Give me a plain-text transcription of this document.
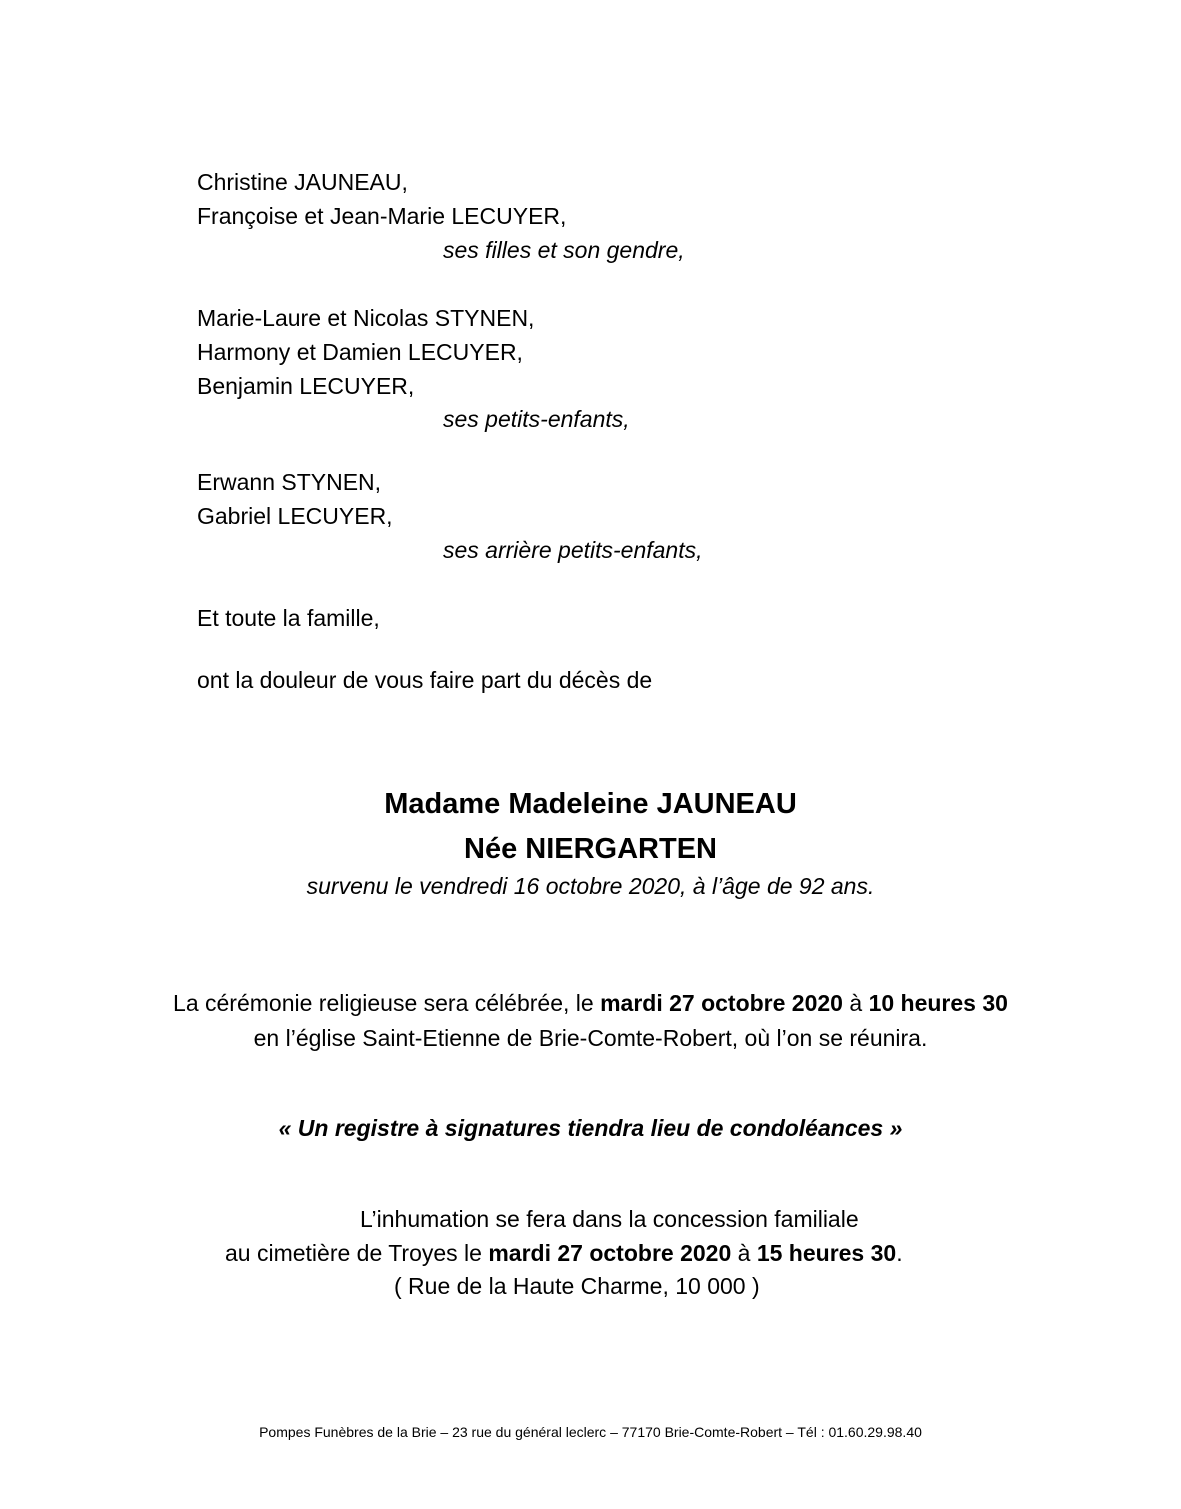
Christine JAUNEAU,
Françoise et Jean-Marie LECUYER,
ses filles et son gendre,
Marie-Laure et Nicolas STYNEN,
Harmony et Damien LECUYER,
Benjamin LECUYER,
ses petits-enfants,
Erwann STYNEN,
Gabriel LECUYER,
ses arrière petits-enfants,
Et toute la famille,
ont la douleur de vous faire part du décès de
Madame Madeleine JAUNEAU
Née NIERGARTEN
survenu le vendredi 16 octobre 2020, à l’âge de 92 ans.
La cérémonie religieuse sera célébrée, le mardi 27 octobre 2020 à 10 heures 30
en l’église Saint-Etienne de Brie-Comte-Robert, où l’on se réunira.
« Un registre à signatures tiendra lieu de condoléances »
L’inhumation se fera dans la concession familiale
au cimetière de Troyes le mardi 27 octobre 2020 à 15 heures 30.
( Rue de la Haute Charme, 10 000 )
Pompes Funèbres de la Brie – 23 rue du général leclerc – 77170 Brie-Comte-Robert – Tél : 01.60.29.98.40
